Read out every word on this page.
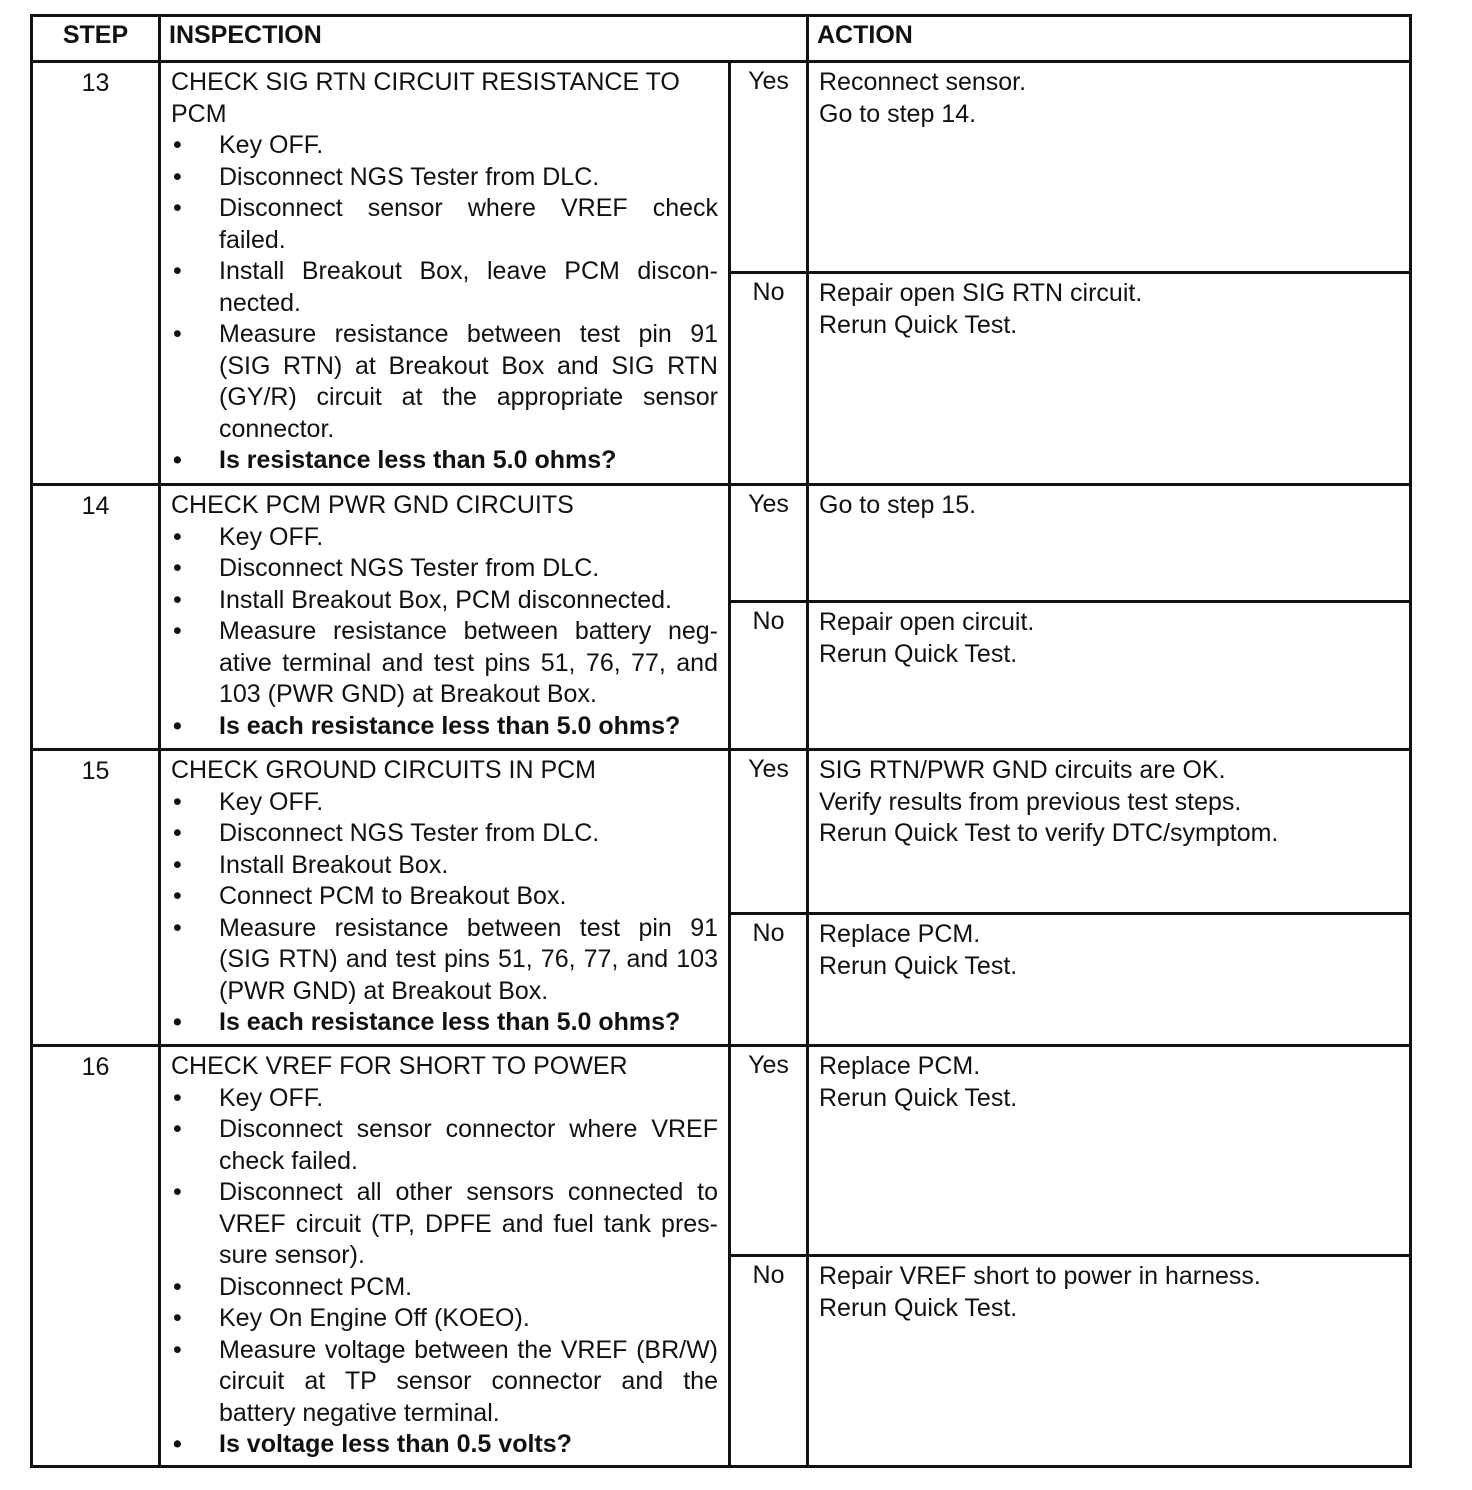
STEP	INSPECTION	ACTION
13	CHECK SIG RTN CIRCUIT RESISTANCE TO PCM
• Key OFF.
• Disconnect NGS Tester from DLC.
• Disconnect sensor where VREF check failed.
• Install Breakout Box, leave PCM discon-nected.
• Measure resistance between test pin 91 (SIG RTN) at Breakout Box and SIG RTN (GY/R) circuit at the appropriate sensor connector.
• Is resistance less than 5.0 ohms?
Yes	Reconnect sensor.
Go to step 14.
No	Repair open SIG RTN circuit.
Rerun Quick Test.
14	CHECK PCM PWR GND CIRCUITS
• Key OFF.
• Disconnect NGS Tester from DLC.
• Install Breakout Box, PCM disconnected.
• Measure resistance between battery neg-ative terminal and test pins 51, 76, 77, and 103 (PWR GND) at Breakout Box.
• Is each resistance less than 5.0 ohms?
Yes	Go to step 15.
No	Repair open circuit.
Rerun Quick Test.
15	CHECK GROUND CIRCUITS IN PCM
• Key OFF.
• Disconnect NGS Tester from DLC.
• Install Breakout Box.
• Connect PCM to Breakout Box.
• Measure resistance between test pin 91 (SIG RTN) and test pins 51, 76, 77, and 103 (PWR GND) at Breakout Box.
• Is each resistance less than 5.0 ohms?
Yes	SIG RTN/PWR GND circuits are OK.
Verify results from previous test steps.
Rerun Quick Test to verify DTC/symptom.
No	Replace PCM.
Rerun Quick Test.
16	CHECK VREF FOR SHORT TO POWER
• Key OFF.
• Disconnect sensor connector where VREF check failed.
• Disconnect all other sensors connected to VREF circuit (TP, DPFE and fuel tank pres-sure sensor).
• Disconnect PCM.
• Key On Engine Off (KOEO).
• Measure voltage between the VREF (BR/W) circuit at TP sensor connector and the battery negative terminal.
• Is voltage less than 0.5 volts?
Yes	Replace PCM.
Rerun Quick Test.
No	Repair VREF short to power in harness.
Rerun Quick Test.
